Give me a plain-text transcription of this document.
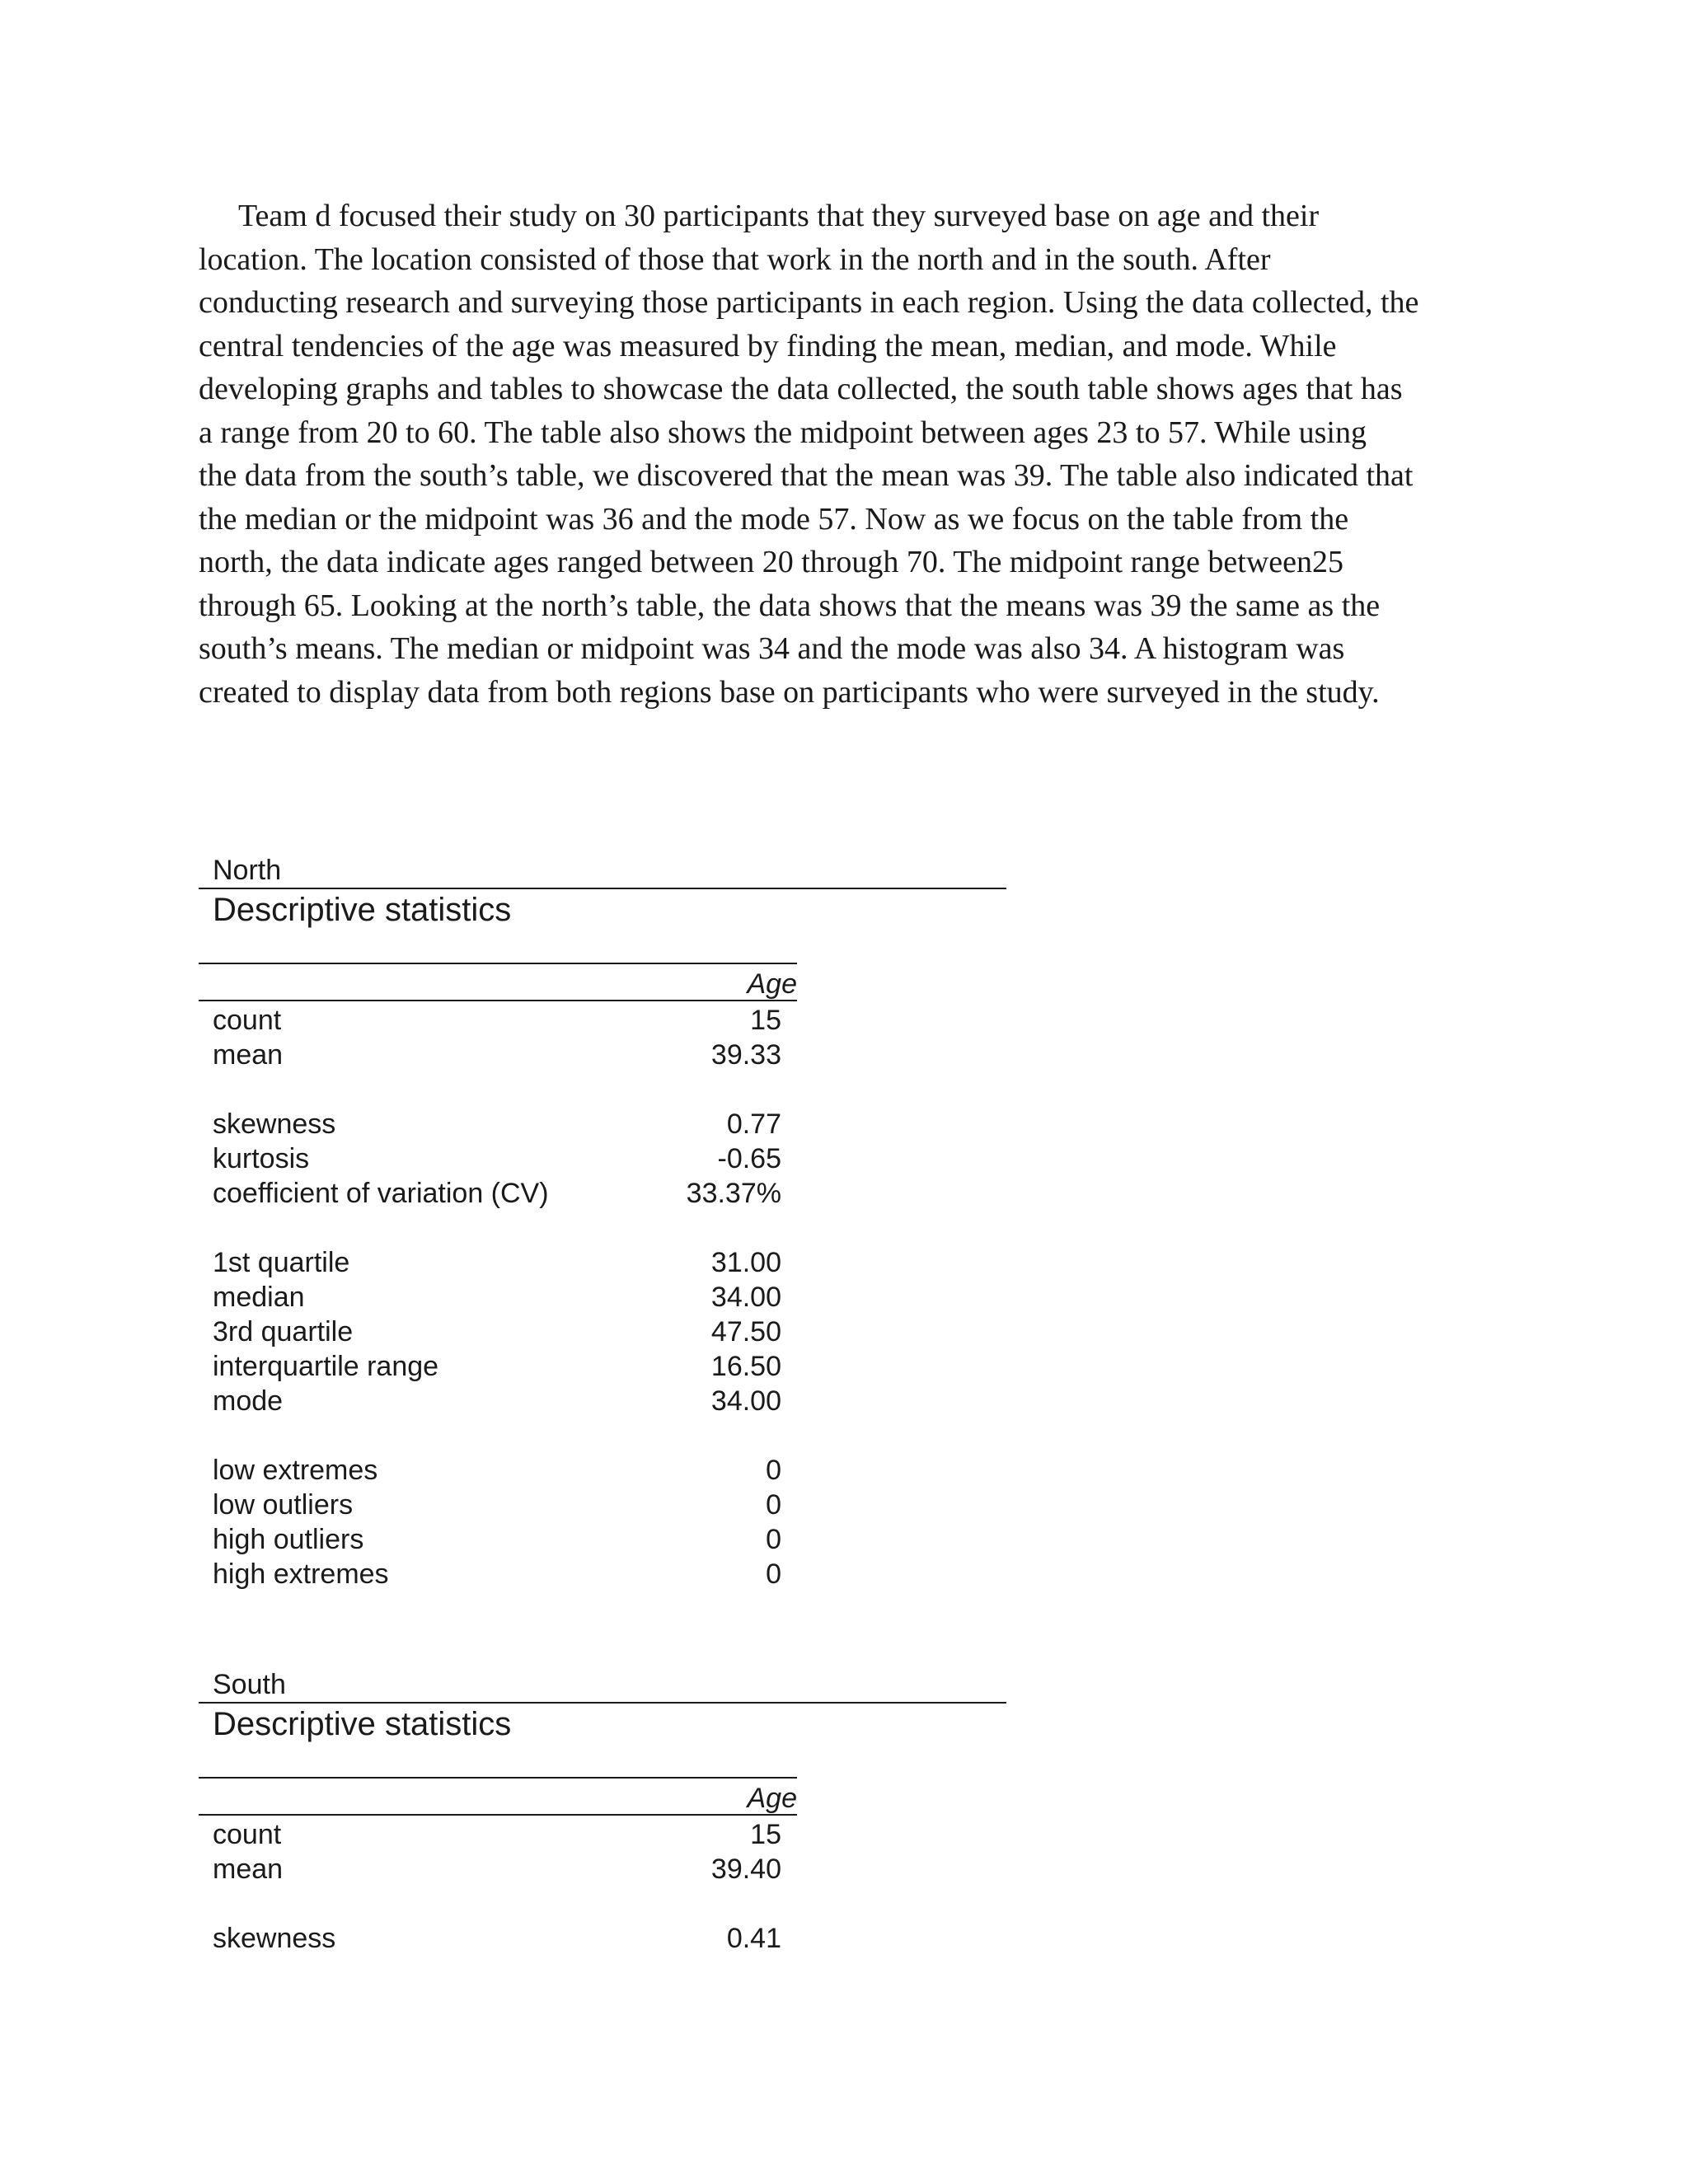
Team d focused their study on 30 participants that they surveyed base on age and their
location. The location consisted of those that work in the north and in the south. After
conducting research and surveying those participants in each region. Using the data collected, the
central tendencies of the age was measured by finding the mean, median, and mode. While
developing graphs and tables to showcase the data collected, the south table shows ages that has
a range from 20 to 60. The table also shows the midpoint between ages 23 to 57. While using
the data from the south’s table, we discovered that the mean was 39. The table also indicated that
the median or the midpoint was 36 and the mode 57. Now as we focus on the table from the
north, the data indicate ages ranged between 20 through 70. The midpoint range between25
through 65. Looking at the north’s table, the data shows that the means was 39 the same as the
south’s means. The median or midpoint was 34 and the mode was also 34. A histogram was
created to display data from both regions base on participants who were surveyed in the study.
North
Descriptive statistics
Age
count	15
mean	39.33
skewness	0.77
kurtosis	-0.65
coefficient of variation (CV)	33.37%
1st quartile	31.00
median	34.00
3rd quartile	47.50
interquartile range	16.50
mode	34.00
low extremes	0
low outliers	0
high outliers	0
high extremes	0
South
Descriptive statistics
Age
count	15
mean	39.40
skewness	0.41
